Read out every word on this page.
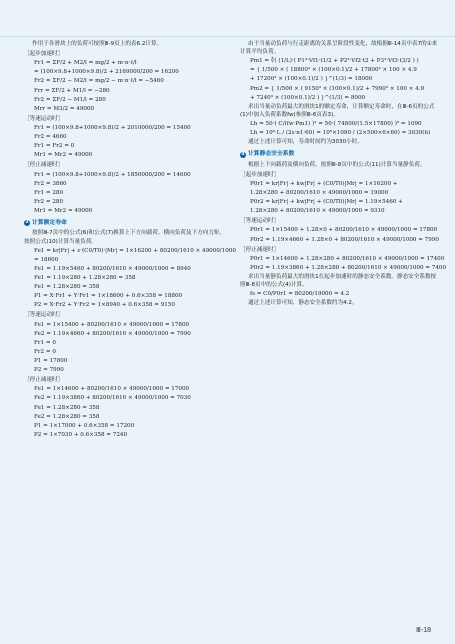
作用于各滑块上的负荷可按照Ⅲ-9页上的表6.2计算。
［起步加速时］
Fr1 = ΣF/2 + M2/l = mg/2 + m·α·ℓ/l
= (100×9.8+1000×9.8)/2 + 2169000/200 = 16200
Fr2 = ΣF/2 − M2/l = mg/2 − m·α·ℓ/l = −5460
Frr = ΣF/2 + M1/l = −280
Fr2 = ΣF/2 − M1/l = 280
Mrr = M3/2 = 49000
［等速运动时］
Fr1 = (100×9.8+1000×9.8)/2 + 2010000/200 = 15400
Fr2 = 4660
Fr1 = Fr2 = 0
Mr1 = Mr2 = 49000
［停止减速时］
Fr1 = (100×9.8+1000×9.8)/2 + 1850000/200 = 14600
Fr2 = 3860
Fr1 = 280
Fr2 = 280
Mr1 = Mr2 = 49000
3 计算额定寿命
按照Ⅲ-7页中的公式(6)和公式(7)换算上下方向载荷、横向负荷及下方向力矩。按照公式(10)计算当量负荷。
Fe1 = kr|Fr| + ε·(C0/T0)·|Mr| = 1×16200 + 80200/1610 × 49000/1000
= 18600
Fe1 = 1.19×5460 + 80200/1610 × 49000/1000 = 8940
Fe1 = 1.19×280 + 1.28×280 = 358
Fe1 = 1.28×280 = 358
P1 = X·Fr1 + Y·Fr1 = 1×18600 + 0.6×358 = 18800
P2 = X·Fr2 + Y·Fr2 = 1×8940 + 0.6×358 = 9150
［等速运动时］
Fe1 = 1×15400 + 80200/1610 × 49000/1000 = 17800
Fe2 = 1.19×4660 + 80200/1610 × 49000/1000 = 7990
Fr1 = 0
Fr2 = 0
P1 = 17800
P2 = 7990
［停止减速时］
Fe1 = 1×14600 + 80200/1610 × 49000/1000 = 17000
Fe2 = 1.19×3860 + 80200/1610 × 49000/1000 = 7030
Fe1 = 1.28×280 = 358
Fe2 = 1.28×280 = 358
P1 = 1×17000 + 0.6×358 = 17200
P2 = 1×7030 + 0.6×358 = 7240
由于当量动负荷与行走距离的关系呈阶段性变化，故根据Ⅲ-14页中表7的①来计算平均负荷。
Pm1 = ∛( (1/L)·( P1³·Vf1·t1/2 + P2³·Vf2·t2 + P3³·Vf3·t3/2 ) )
= { 1/500 × ( 18800³ × (100×0.1)/2 + 17800³ × 100 × 4.9
+ 17200³ × (100×0.1)/2 ) }^(1/3) = 18000
Pm2 = { 1/500 × ( 9150³ × (100×0.1)/2 + 7990³ × 100 × 4.9
+ 7240³ × (100×0.1)/2 ) }^(1/3) = 8000
求出当量动负荷最大的滑块1的额定寿命，计算额定寿命时，在Ⅲ-6页的公式(1)中加入负荷系数fw(参照Ⅲ-6页表3)。
Lh = 50·( C/(fw·Pm1) )³ = 50·( 74800/(1.5×17800) )³ = 1090
Lh = 10⁶·L / (2s·n1·60) = 10⁶×1090 / (2×500×6×60) = 3030(h)
通过上述计算可知，寿命时间约为3030小时。
4 计算静态安全系数
根据上下向载荷及横向负荷，按照Ⅲ-8页中的公式(11)计算当量静负荷。
［起步加速时］
P0r1 = kr|Fr| + kw|Fr| + (C0/T0)|Mr| = 1×16200 +
1.28×280 + 80200/1610 × 49000/1000 = 19000
P0r2 = kr|Fr| + kw|Fr| + (C0/T0)|Mr| = 1.19×5460 +
1.28×280 + 80200/1610 × 49000/1000 = 9310
［等速运动时］
P0r1 = 1×15400 + 1.28×0 + 80200/1610 × 49000/1000 = 17800
P0r2 = 1.19×4660 + 1.28×0 + 80200/1610 × 49000/1000 = 7990
［停止减速时］
P0r1 = 1×14600 + 1.28×280 + 80200/1610 × 49000/1000 = 17400
P0r2 = 1.19×3860 + 1.28×280 + 80200/1610 × 49000/1000 = 7400
求出当量静负荷最大的滑块1在起步加速时的静态安全系数。静态安全系数按照Ⅲ-8页中的公式(4)计算。
fs = C0/P0r1 = 80200/19000 = 4.2
通过上述计算可知，静态安全系数约为4.2。
Ⅲ-18
